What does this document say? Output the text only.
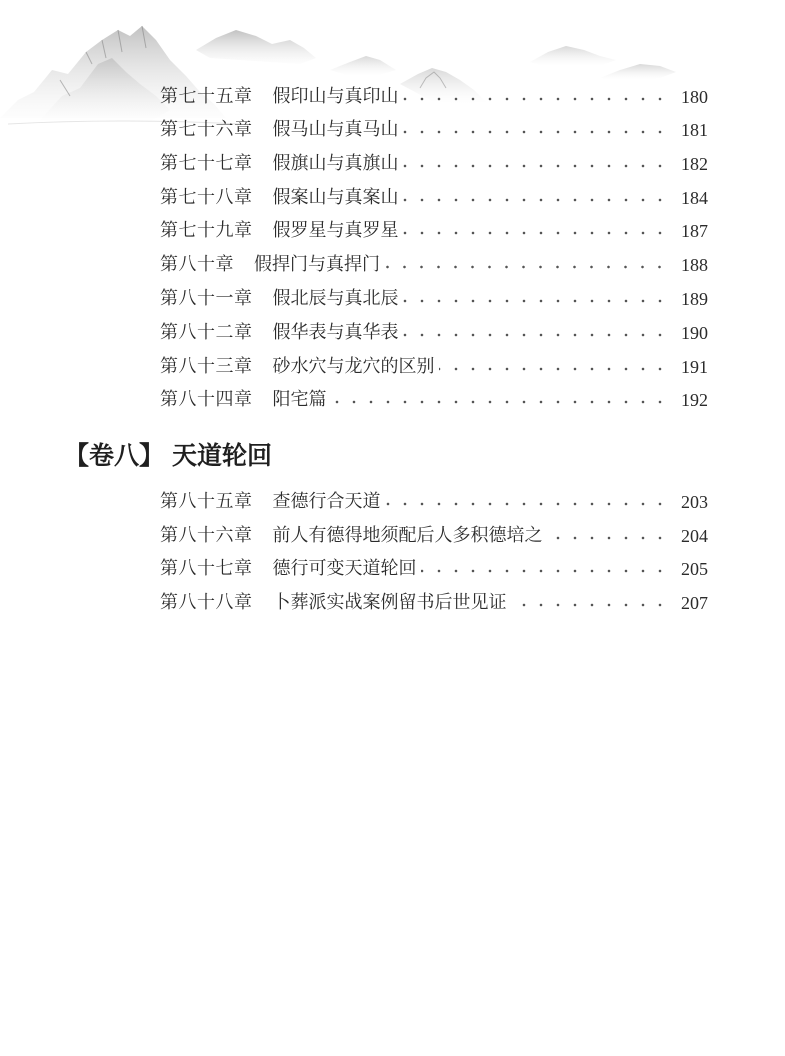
第七十五章 假印山与真印山	180
第七十六章 假马山与真马山	181
第七十七章 假旗山与真旗山	182
第七十八章 假案山与真案山	184
第七十九章 假罗星与真罗星	187
第八十章 假捍门与真捍门	188
第八十一章 假北辰与真北辰	189
第八十二章 假华表与真华表	190
第八十三章 砂水穴与龙穴的区别	191
第八十四章 阳宅篇	192
【卷八】 天道轮回
第八十五章 查德行合天道	203
第八十六章 前人有德得地须配后人多积德培之	204
第八十七章 德行可变天道轮回	205
第八十八章 卜葬派实战案例留书后世见证	207
